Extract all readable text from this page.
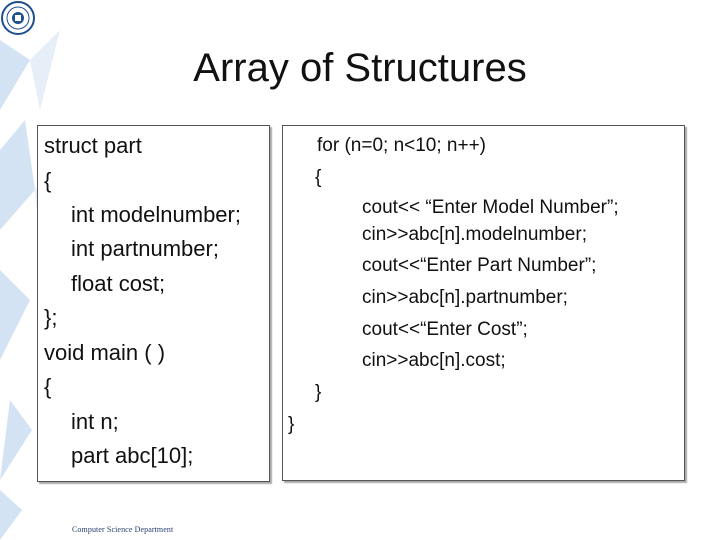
Array of Structures
struct part
{
int modelnumber;
int partnumber;
float cost;
};
void main ( )
{
int n;
part abc[10];
for (n=0; n<10; n++)
{
cout<< “Enter Model Number”;
cin>>abc[n].modelnumber;
cout<<“Enter Part Number”;
cin>>abc[n].partnumber;
cout<<“Enter Cost”;
cin>>abc[n].cost;
}
}
Computer Science Department
